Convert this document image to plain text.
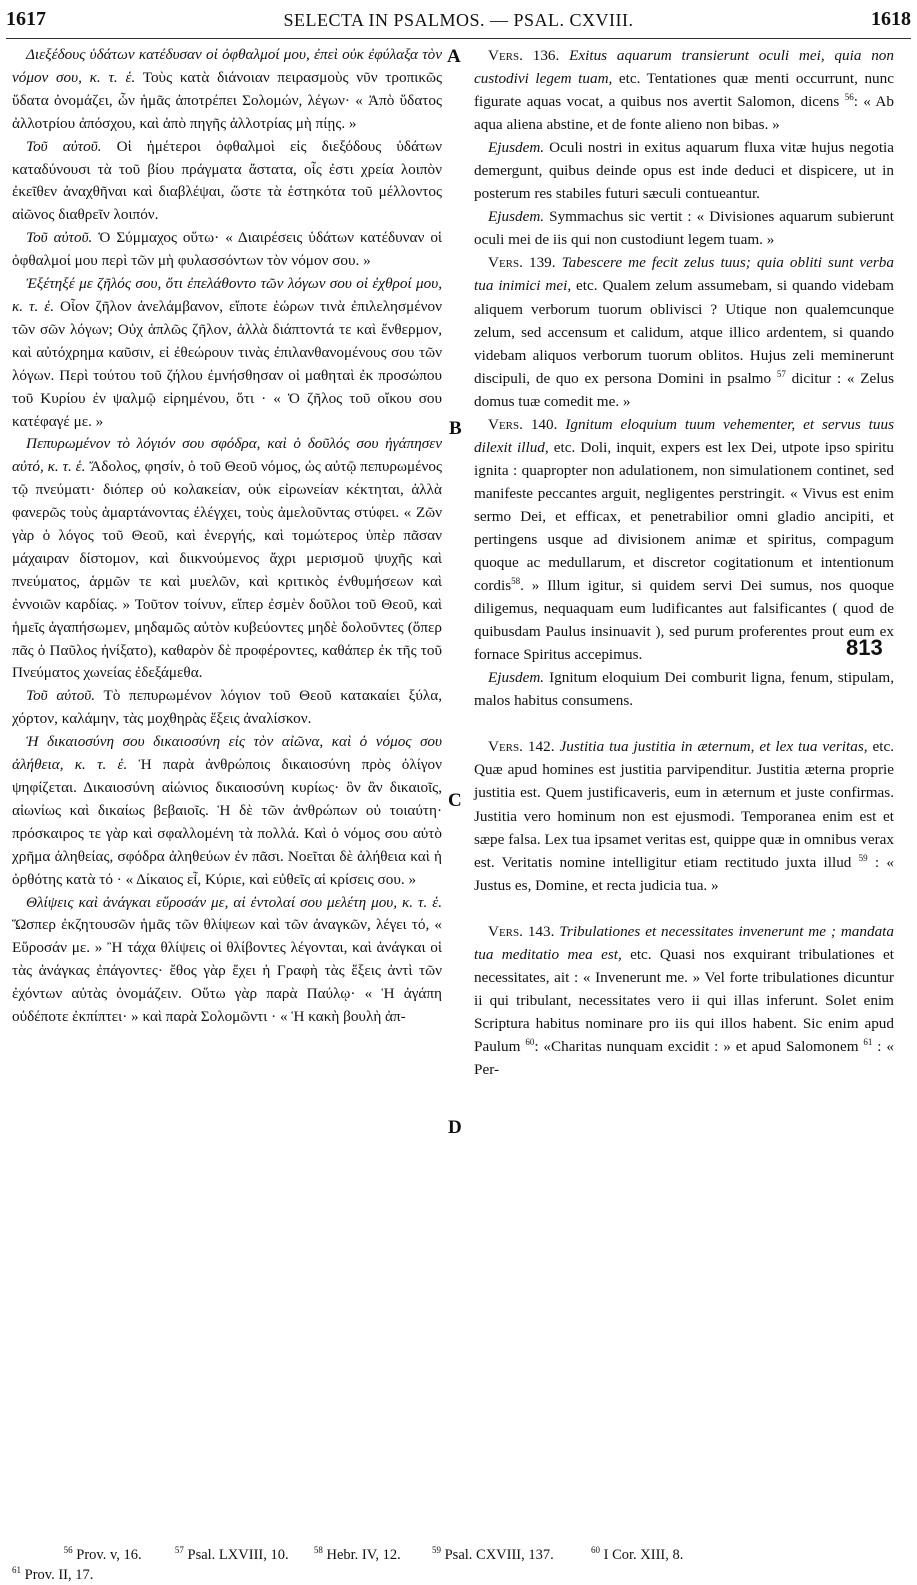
1617	SELECTA IN PSALMOS. — PSAL. CXVIII.	1618

Διεξέδους ὑδάτων κατέδυσαν οἱ ὀφθαλμοί μου, ἐπεὶ οὐκ ἐφύλαξα τὸν νόμον σου, κ. τ. ἑ. Τοὺς κατὰ διάνοιαν πειρασμοὺς νῦν τροπικῶς ὕδατα ὀνομάζει, ὧν ἡμᾶς ἀποτρέπει Σολομών, λέγων· « Ἀπὸ ὕδατος ἀλλοτρίου ἀπόσχου, καὶ ἀπὸ πηγῆς ἀλλοτρίας μὴ πίῃς. »

Τοῦ αὐτοῦ. Οἱ ἡμέτεροι ὀφθαλμοὶ εἰς διεξόδους ὑδάτων καταδύνουσι τὰ τοῦ βίου πράγματα ἄστατα, οἷς ἐστι χρεία λοιπὸν ἐκεῖθεν ἀναχθῆναι καὶ διαβλέψαι, ὥστε τὰ ἑστηκότα τοῦ μέλλοντος αἰῶνος διαθρεῖν λοιπόν.

Τοῦ αὐτοῦ. Ὁ Σύμμαχος οὕτω· « Διαιρέσεις ὑδάτων κατέδυναν οἱ ὀφθαλμοί μου περὶ τῶν μὴ φυλασσόντων τὸν νόμον σου. »

Ἐξέτηξέ με ζῆλός σου, ὅτι ἐπελάθοντο τῶν λόγων σου οἱ ἐχθροί μου, κ. τ. ἑ. Οἷον ζῆλον ἀνελάμβανον, εἴποτε ἑώρων τινὰ ἐπιλελησμένον τῶν σῶν λόγων; Οὐχ ἁπλῶς ζῆλον, ἀλλὰ διάπτοντά τε καὶ ἔνθερμον, καὶ αὐτόχρημα καῦσιν, εἰ ἐθεώρουν τινὰς ἐπιλανθανομένους σου τῶν λόγων. Περὶ τούτου τοῦ ζήλου ἐμνήσθησαν οἱ μαθηταὶ ἐκ προσώπου τοῦ Κυρίου ἐν ψαλμῷ εἰρημένου, ὅτι · « Ὁ ζῆλος τοῦ οἴκου σου κατέφαγέ με. »

Πεπυρωμένον τὸ λόγιόν σου σφόδρα, καὶ ὁ δοῦλός σου ἠγάπησεν αὐτό, κ. τ. ἑ. Ἄδολος, φησίν, ὁ τοῦ Θεοῦ νόμος, ὡς αὐτῷ πεπυρωμένος τῷ πνεύματι· διόπερ οὐ κολακείαν, οὐκ εἰρωνείαν κέκτηται, ἀλλὰ φανερῶς τοὺς ἁμαρτάνοντας ἐλέγχει, τοὺς ἀμελοῦντας στύφει. « Ζῶν γὰρ ὁ λόγος τοῦ Θεοῦ, καὶ ἐνεργής, καὶ τομώτερος ὑπὲρ πᾶσαν μάχαιραν δίστομον, καὶ διικνούμενος ἄχρι μερισμοῦ ψυχῆς καὶ πνεύματος, ἁρμῶν τε καὶ μυελῶν, καὶ κριτικὸς ἐνθυμήσεων καὶ ἐννοιῶν καρδίας. » Τοῦτον τοίνυν, εἴπερ ἐσμὲν δοῦλοι τοῦ Θεοῦ, καὶ ἡμεῖς ἀγαπήσωμεν, μηδαμῶς αὐτὸν κυβεύοντες μηδὲ δολοῦντες (ὅπερ πᾶς ὁ Παῦλος ἠνίξατο), καθαρὸν δὲ προφέροντες, καθάπερ ἐκ τῆς τοῦ Πνεύματος χωνείας ἐδεξάμεθα.

Τοῦ αὐτοῦ. Τὸ πεπυρωμένον λόγιον τοῦ Θεοῦ κατακαίει ξύλα, χόρτον, καλάμην, τὰς μοχθηρὰς ἕξεις ἀναλίσκον.

Ἡ δικαιοσύνη σου δικαιοσύνη εἰς τὸν αἰῶνα, καὶ ὁ νόμος σου ἀλήθεια, κ. τ. ἑ. Ἡ παρὰ ἀνθρώποις δικαιοσύνη πρὸς ὀλίγον ψηφίζεται. Δικαιοσύνη αἰώνιος δικαιοσύνη κυρίως· ὃν ἂν δικαιοῖς, αἰωνίως καὶ δικαίως βεβαιοῖς. Ἡ δὲ τῶν ἀνθρώπων οὐ τοιαύτη· πρόσκαιρος τε γὰρ καὶ σφαλλομένη τὰ πολλά. Καὶ ὁ νόμος σου αὐτὸ χρῆμα ἀληθείας, σφόδρα ἀληθεύων ἐν πᾶσι. Νοεῖται δὲ ἀλήθεια καὶ ἡ ὀρθότης κατὰ τό · « Δίκαιος εἶ, Κύριε, καὶ εὐθεῖς αἱ κρίσεις σου. »

Θλίψεις καὶ ἀνάγκαι εὕροσάν με, αἱ ἐντολαί σου μελέτη μου, κ. τ. ἑ. Ὥσπερ ἐκζητουσῶν ἡμᾶς τῶν θλίψεων καὶ τῶν ἀναγκῶν, λέγει τό, « Εὕροσάν με. » Ἢ τάχα θλίψεις οἱ θλίβοντες λέγονται, καὶ ἀνάγκαι οἱ τὰς ἀνάγκας ἐπάγοντες· ἔθος γὰρ ἔχει ἡ Γραφὴ τὰς ἕξεις ἀντὶ τῶν ἐχόντων αὐτὰς ὀνομάζειν. Οὕτω γὰρ παρὰ Παύλῳ· « Ἡ ἀγάπη οὐδέποτε ἐκπίπτει· » καὶ παρὰ Σολομῶντι · « Ἡ κακὴ βουλὴ ἀπ-

A
B
C
D

Vers. 136. Exitus aquarum transierunt oculi mei, quia non custodivi legem tuam, etc. Tentationes quæ menti occurrunt, nunc figurate aquas vocat, a quibus nos avertit Salomon, dicens $^{56}$: « Ab aqua aliena abstine, et de fonte alieno non bibas. »

Ejusdem. Oculi nostri in exitus aquarum fluxa vitæ hujus negotia demergunt, quibus deinde opus est inde deduci et dispicere, ut in posterum res stabiles futuri sæculi contueantur.

Ejusdem. Symmachus sic vertit : « Divisiones aquarum subierunt oculi mei de iis qui non custodiunt legem tuam. »

Vers. 139. Tabescere me fecit zelus tuus; quia obliti sunt verba tua inimici mei, etc. Qualem zelum assumebam, si quando videbam aliquem verborum tuorum oblivisci ? Utique non qualemcunque zelum, sed accensum et calidum, atque illico ardentem, si quando videbam aliquos verborum tuorum oblitos. Hujus zeli meminerunt discipuli, de quo ex persona Domini in psalmo $^{57}$ dicitur : « Zelus domus tuæ comedit me. »

Vers. 140. Ignitum eloquium tuum vehementer, et servus tuus dilexit illud, etc. Doli, inquit, expers est lex Dei, utpote ipso spiritu ignita : quapropter non adulationem, non simulationem continet, sed manifeste peccantes arguit, negligentes perstringit. « Vivus est enim sermo Dei, et efficax, et penetrabilior omni gladio ancipiti, et pertingens usque ad divisionem animæ et spiritus, compagum quoque ac medullarum, et discretor cogitationum et intentionum cordis$^{58}$. » Illum igitur, si quidem servi Dei sumus, nos quoque diligemus, nequaquam eum ludificantes aut falsificantes ( quod de quibusdam Paulus insinuavit ), sed purum proferentes prout eum ex fornace Spiritus accepimus.

Ejusdem. Ignitum eloquium Dei comburit ligna, fenum, stipulam, malos habitus consumens.

Vers. 142. Justitia tua justitia in æternum, et lex tua veritas, etc. Quæ apud homines est justitia parvipenditur. Justitia æterna proprie justitia est. Quem justificaveris, eum in æternum et juste confirmas. Justitia vero hominum non est ejusmodi. Temporanea enim est et sæpe falsa. Lex tua ipsamet veritas est, quippe quæ in omnibus verax est. Veritatis nomine intelligitur etiam rectitudo juxta illud $^{59}$ : « Justus es, Domine, et recta judicia tua. »

Vers. 143. Tribulationes et necessitates invenerunt me ; mandata tua meditatio mea est, etc. Quasi nos exquirant tribulationes et necessitates, ait : « Invenerunt me. » Vel forte tribulationes dicuntur ii qui tribulant, necessitates vero ii qui illas inferunt. Solet enim Scriptura habitus nominare pro iis qui illos habent. Sic enim apud Paulum $^{60}$: «Charitas nunquam excidit : » et apud Salomonem $^{61}$ : « Per-

813
$^{56}$ Prov. v, 16.	$^{57}$ Psal. LXVIII, 10.	$^{58}$ Hebr. IV, 12.	$^{59}$ Psal. CXVIII, 137.	$^{60}$ I Cor. XIII, 8.
$^{61}$ Prov. II, 17.
